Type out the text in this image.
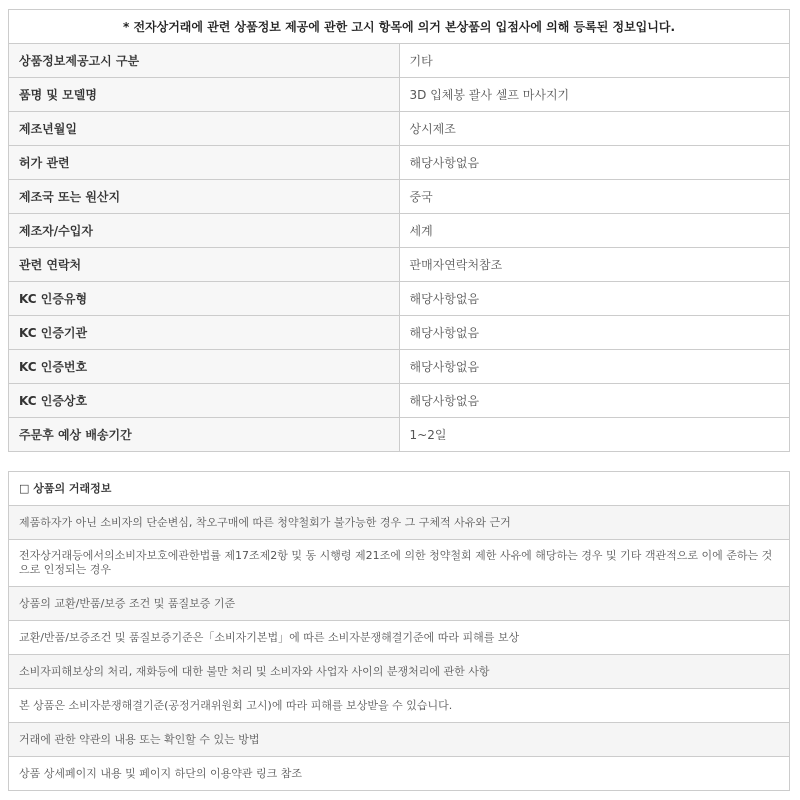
* 전자상거래에 관련 상품정보 제공에 관한 고시 항목에 의거 본상품의 입점사에 의해 등록된 정보입니다.	
상품정보제공고시 구분	기타
품명 및 모델명	3D 입체봉 괄사 셀프 마사지기
제조년월일	상시제조
허가 관련	해당사항없음
제조국 또는 원산지	중국
제조자/수입자	세계
관련 연락처	판매자연락처참조
KC 인증유형	해당사항없음
KC 인증기관	해당사항없음
KC 인증번호	해당사항없음
KC 인증상호	해당사항없음
주문후 예상 배송기간	1~2일
□ 상품의 거래정보
제품하자가 아닌 소비자의 단순변심, 착오구매에 따른 청약철회가 불가능한 경우 그 구체적 사유와 근거
전자상거래등에서의소비자보호에관한법률 제17조제2항 및 동 시행령 제21조에 의한 청약철회 제한 사유에 해당하는 경우 및 기타 객관적으로 이에 준하는 것으로 인정되는 경우
상품의 교환/반품/보증 조건 및 품질보증 기준
교환/반품/보증조건 및 품질보증기준은「소비자기본법」에 따른 소비자분쟁해결기준에 따라 피해를 보상
소비자피해보상의 처리, 재화등에 대한 불만 처리 및 소비자와 사업자 사이의 분쟁처리에 관한 사항
본 상품은 소비자분쟁해결기준(공정거래위원회 고시)에 따라 피해를 보상받을 수 있습니다.
거래에 관한 약관의 내용 또는 확인할 수 있는 방법
상품 상세페이지 내용 및 페이지 하단의 이용약관 링크 참조
